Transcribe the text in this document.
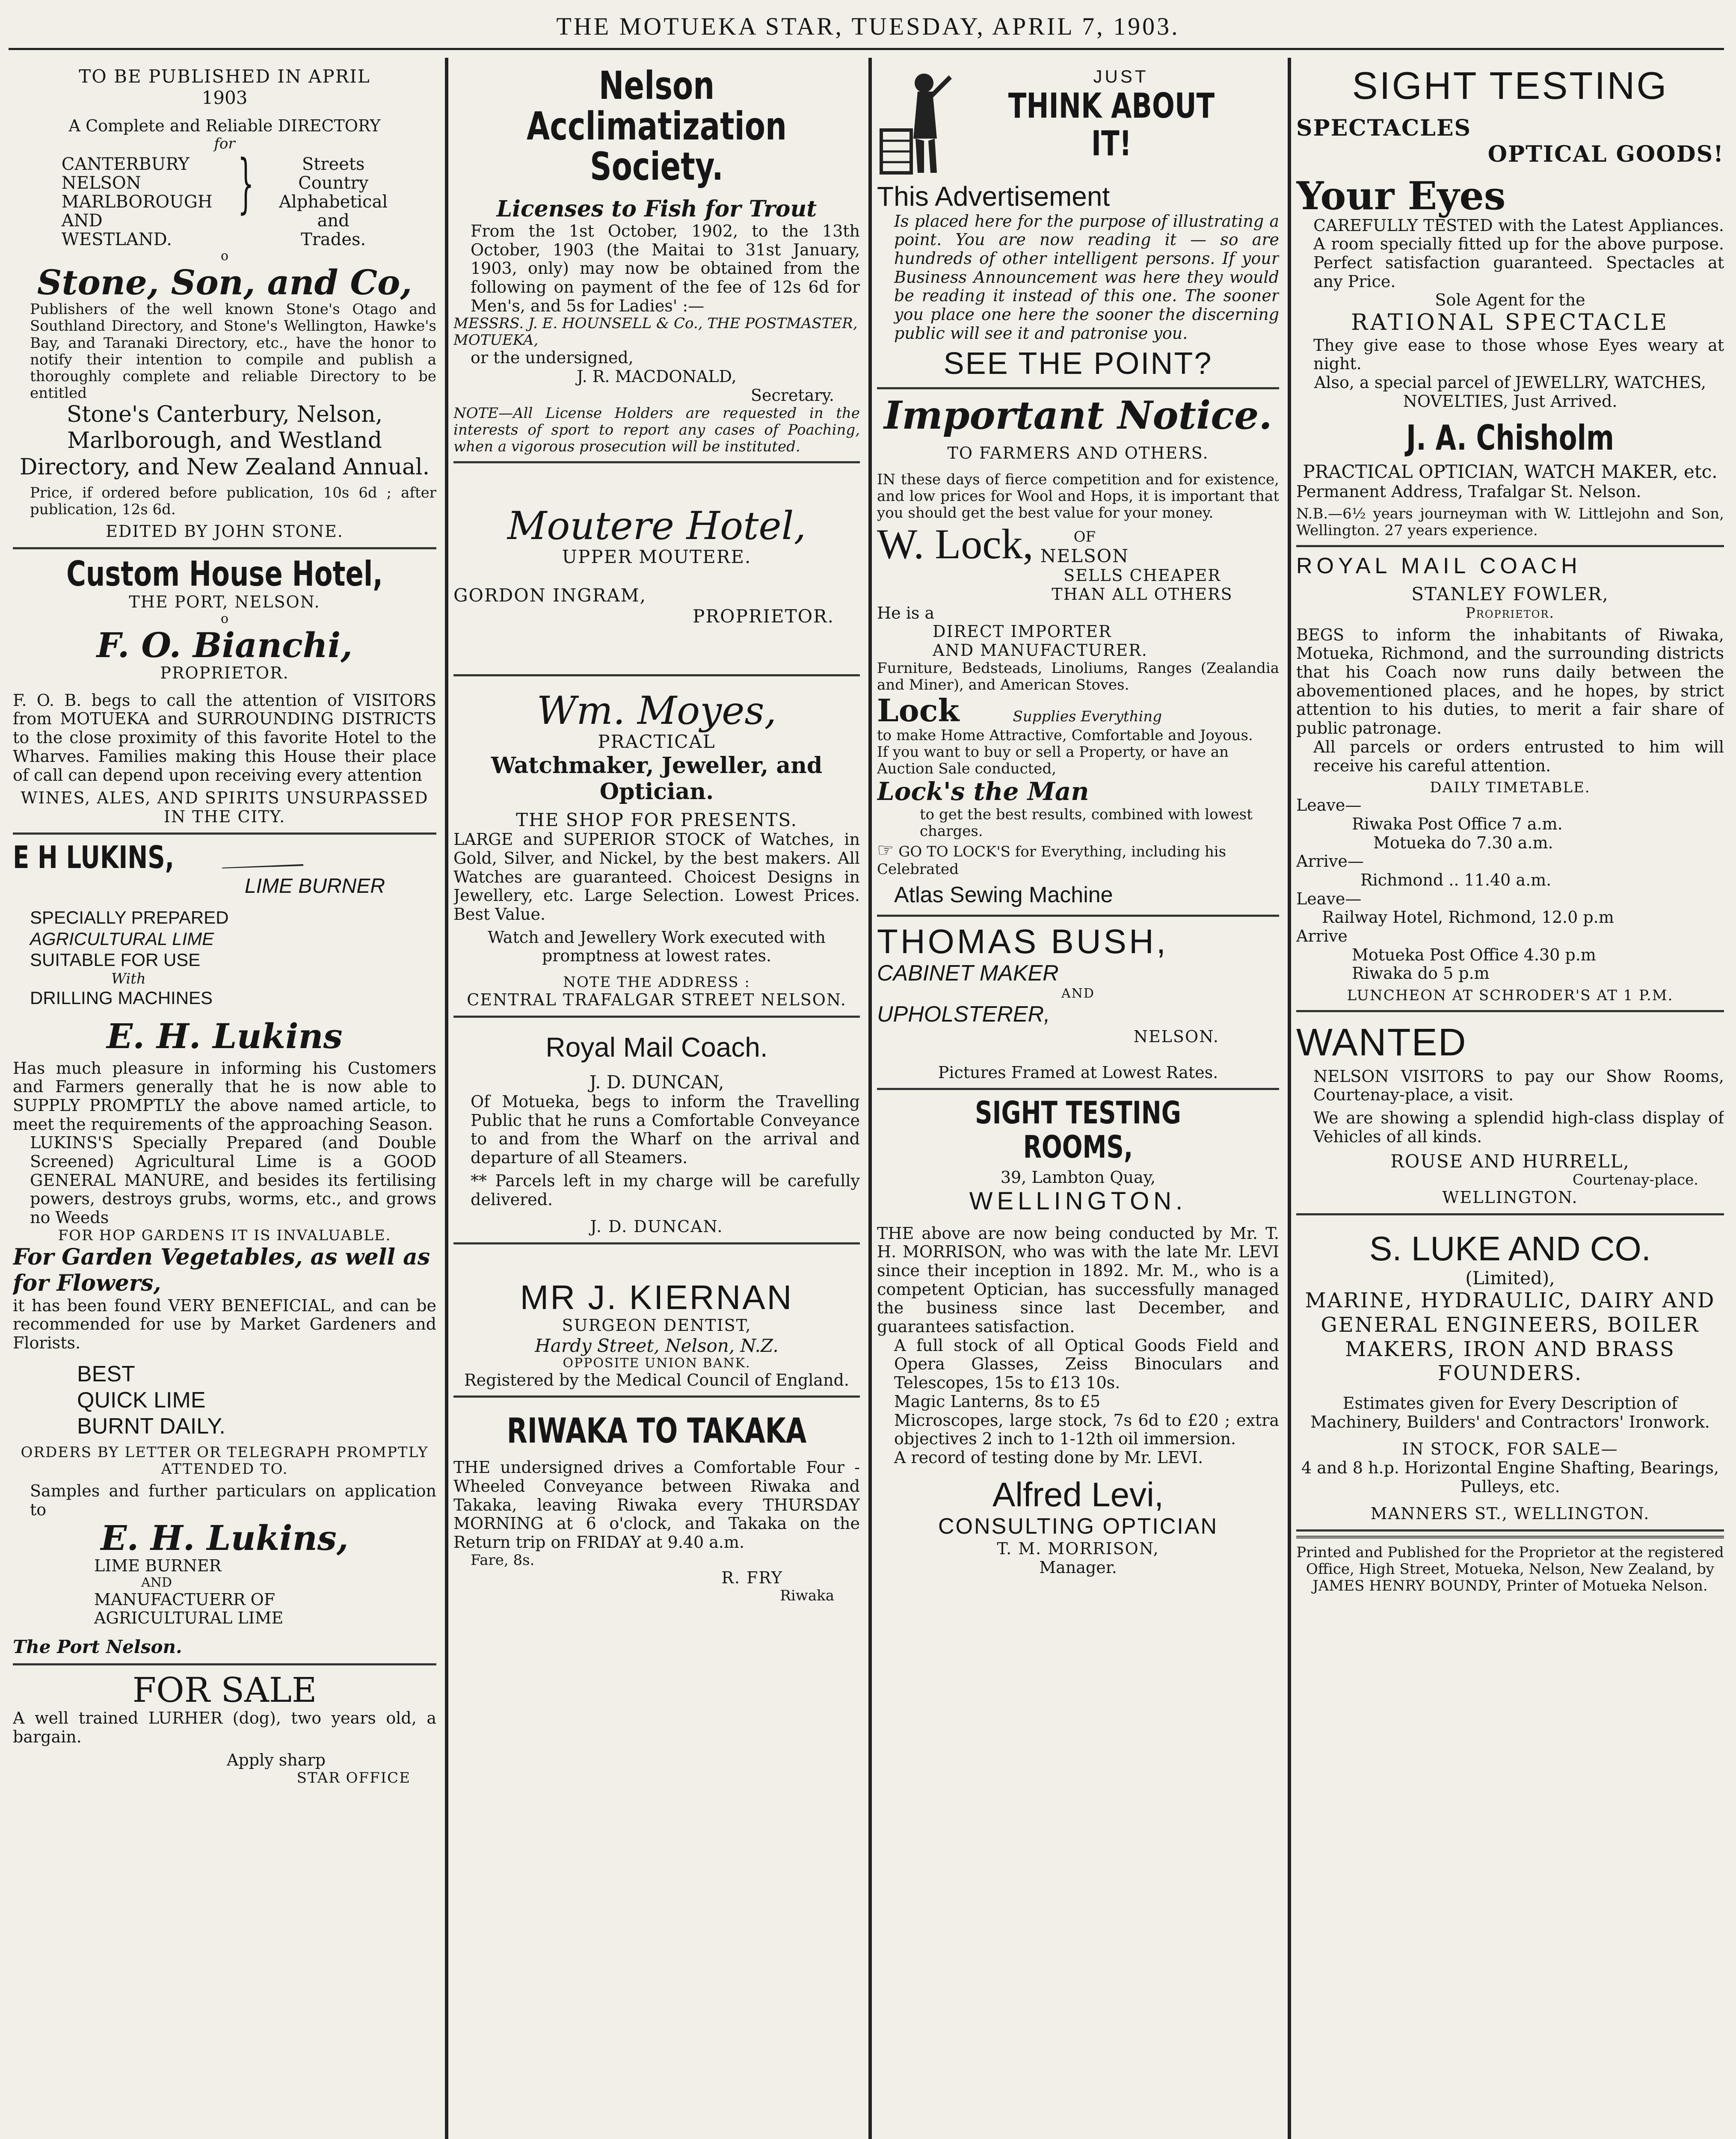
THE MOTUEKA STAR, TUESDAY, APRIL 7, 1903.
TO BE PUBLISHED IN APRIL
1903
A Complete and Reliable DIRECTORY
for
CANTERBURY
NELSON
MARLBOROUGH
AND
WESTLAND.
}	Streets
Country
Alphabetical
and
Trades.
o
Stone, Son, and Co,
Publishers of the well known Stone's Otago and Southland Directory, and Stone's Wellington, Hawke's Bay, and Taranaki Directory, etc., have the honor to notify their intention to compile and publish a thoroughly complete and reliable Directory to be entitled
Stone's Canterbury, Nelson, Marlborough, and Westland Directory, and New Zealand Annual.
Price, if ordered before publication, 10s 6d ; after publication, 12s 6d.
EDITED BY JOHN STONE.
Custom House Hotel,
THE PORT, NELSON.
o
F. O. Bianchi,
PROPRIETOR.
F. O. B. begs to call the attention of VISITORS from MOTUEKA and SURROUNDING DISTRICTS to the close proximity of this favorite Hotel to the Wharves. Families making this House their place of call can depend upon receiving every attention
WINES, ALES, AND SPIRITS UNSURPASSED IN THE CITY.
E H LUKINS,
LIME BURNER
SPECIALLY PREPARED
AGRICULTURAL LIME
SUITABLE FOR USE
With
DRILLING MACHINES
E. H. Lukins
Has much pleasure in informing his Customers and Farmers generally that he is now able to SUPPLY PROMPTLY the above named article, to meet the requirements of the approaching Season.
LUKINS'S Specially Prepared (and Double Screened) Agricultural Lime is a GOOD GENERAL MANURE, and besides its fertilising powers, destroys grubs, worms, etc., and grows no Weeds
FOR HOP GARDENS IT IS INVALUABLE.
For Garden Vegetables, as well as for Flowers,
it has been found VERY BENEFICIAL, and can be recommended for use by Market Gardeners and Florists.
BEST
QUICK LIME
BURNT DAILY.
ORDERS BY LETTER OR TELEGRAPH PROMPTLY ATTENDED TO.
Samples and further particulars on application to
E. H. Lukins,
LIME BURNER
AND
MANUFACTUERR OF
AGRICULTURAL LIME
The Port Nelson.
FOR SALE
A well trained LURHER (dog), two years old, a bargain.
Apply sharp
STAR OFFICE
Nelson Acclimatization Society.
Licenses to Fish for Trout
From the 1st October, 1902, to the 13th October, 1903 (the Maitai to 31st January, 1903, only) may now be obtained from the following on payment of the fee of 12s 6d for Men's, and 5s for Ladies' :—
MESSRS. J. E. HOUNSELL & Co., THE POSTMASTER, MOTUEKA,
or the undersigned,
J. R. MACDONALD,
Secretary.
NOTE—All License Holders are requested in the interests of sport to report any cases of Poaching, when a vigorous prosecution will be instituted.
Moutere Hotel,
UPPER MOUTERE.
GORDON INGRAM,
PROPRIETOR.
Wm. Moyes,
PRACTICAL
Watchmaker, Jeweller, and Optician.
THE SHOP FOR PRESENTS.
LARGE and SUPERIOR STOCK of Watches, in Gold, Silver, and Nickel, by the best makers. All Watches are guaranteed. Choicest Designs in Jewellery, etc. Large Selection. Lowest Prices. Best Value.
Watch and Jewellery Work executed with promptness at lowest rates.
NOTE THE ADDRESS :
CENTRAL TRAFALGAR STREET NELSON.
Royal Mail Coach.
J. D. DUNCAN,
Of Motueka, begs to inform the Travelling Public that he runs a Comfortable Conveyance to and from the Wharf on the arrival and departure of all Steamers.
** Parcels left in my charge will be carefully delivered.
J. D. DUNCAN.
MR J. KIERNAN
SURGEON DENTIST,
Hardy Street, Nelson, N.Z.
OPPOSITE UNION BANK.
Registered by the Medical Council of England.
RIWAKA TO TAKAKA
THE undersigned drives a Comfortable Four - Wheeled Conveyance between Riwaka and Takaka, leaving Riwaka every THURSDAY MORNING at 6 o'clock, and Takaka on the Return trip on FRIDAY at 9.40 a.m.
Fare, 8s.
R. FRY
Riwaka
JUST
THINK ABOUT IT!
This Advertisement
Is placed here for the purpose of illustrating a point. You are now reading it — so are hundreds of other intelligent persons. If your Business Announcement was here they would be reading it instead of this one. The sooner you place one here the sooner the discerning public will see it and patronise you.
SEE THE POINT?
Important Notice.
TO FARMERS AND OTHERS.
IN these days of fierce competition and for existence, and low prices for Wool and Hops, it is important that you should get the best value for your money.
W. Lock,	OF
NELSON
SELLS CHEAPER
THAN ALL OTHERS
He is a
DIRECT IMPORTER
AND MANUFACTURER.
Furniture, Bedsteads, Linoliums, Ranges (Zealandia and Miner), and American Stoves.
Lock	Supplies Everything
to make Home Attractive, Comfortable and Joyous.
If you want to buy or sell a Property, or have an Auction Sale conducted,
Lock's the Man
to get the best results, combined with lowest charges.
☞ GO TO LOCK'S for Everything, including his Celebrated
Atlas Sewing Machine
THOMAS BUSH,
CABINET MAKER
AND
UPHOLSTERER,
NELSON.
Pictures Framed at Lowest Rates.
SIGHT TESTING ROOMS,
39, Lambton Quay,
WELLINGTON.
THE above are now being conducted by Mr. T. H. MORRISON, who was with the late Mr. LEVI since their inception in 1892. Mr. M., who is a competent Optician, has successfully managed the business since last December, and guarantees satisfaction.
A full stock of all Optical Goods Field and Opera Glasses, Zeiss Binoculars and Telescopes, 15s to £13 10s.
Magic Lanterns, 8s to £5
Microscopes, large stock, 7s 6d to £20 ; extra objectives 2 inch to 1-12th oil immersion.
A record of testing done by Mr. LEVI.
Alfred Levi,
CONSULTING OPTICIAN
T. M. MORRISON,
Manager.
SIGHT TESTING
SPECTACLES
OPTICAL GOODS!
Your Eyes
CAREFULLY TESTED with the Latest Appliances. A room specially fitted up for the above purpose. Perfect satisfaction guaranteed. Spectacles at any Price.
Sole Agent for the
RATIONAL SPECTACLE
They give ease to those whose Eyes weary at night.
Also, a special parcel of JEWELLRY, WATCHES, NOVELTIES, Just Arrived.
J. A. Chisholm
PRACTICAL OPTICIAN, WATCH MAKER, etc.
Permanent Address, Trafalgar St. Nelson.
N.B.—6½ years journeyman with W. Littlejohn and Son, Wellington. 27 years experience.
ROYAL MAIL COACH
STANLEY FOWLER,
Proprietor.
BEGS to inform the inhabitants of Riwaka, Motueka, Richmond, and the surrounding districts that his Coach now runs daily between the abovementioned places, and he hopes, by strict attention to his duties, to merit a fair share of public patronage.
All parcels or orders entrusted to him will receive his careful attention.
DAILY TIMETABLE.
Leave—
Riwaka Post Office 7 a.m.
Motueka do 7.30 a.m.
Arrive—
Richmond .. 11.40 a.m.
Leave—
Railway Hotel, Richmond, 12.0 p.m
Arrive
Motueka Post Office 4.30 p.m
Riwaka do 5 p.m
LUNCHEON AT SCHRODER'S AT 1 P.M.
WANTED
NELSON VISITORS to pay our Show Rooms, Courtenay-place, a visit.
We are showing a splendid high-class display of Vehicles of all kinds.
ROUSE AND HURRELL,
Courtenay-place.
WELLINGTON.
S. LUKE AND CO.
(Limited),
MARINE, HYDRAULIC, DAIRY AND GENERAL ENGINEERS, BOILER MAKERS, IRON AND BRASS FOUNDERS.
Estimates given for Every Description of Machinery, Builders' and Contractors' Ironwork.
IN STOCK, FOR SALE—
4 and 8 h.p. Horizontal Engine Shafting, Bearings, Pulleys, etc.
MANNERS ST., WELLINGTON.
Printed and Published for the Proprietor at the registered Office, High Street, Motueka, Nelson, New Zealand, by JAMES HENRY BOUNDY, Printer of Motueka Nelson.
